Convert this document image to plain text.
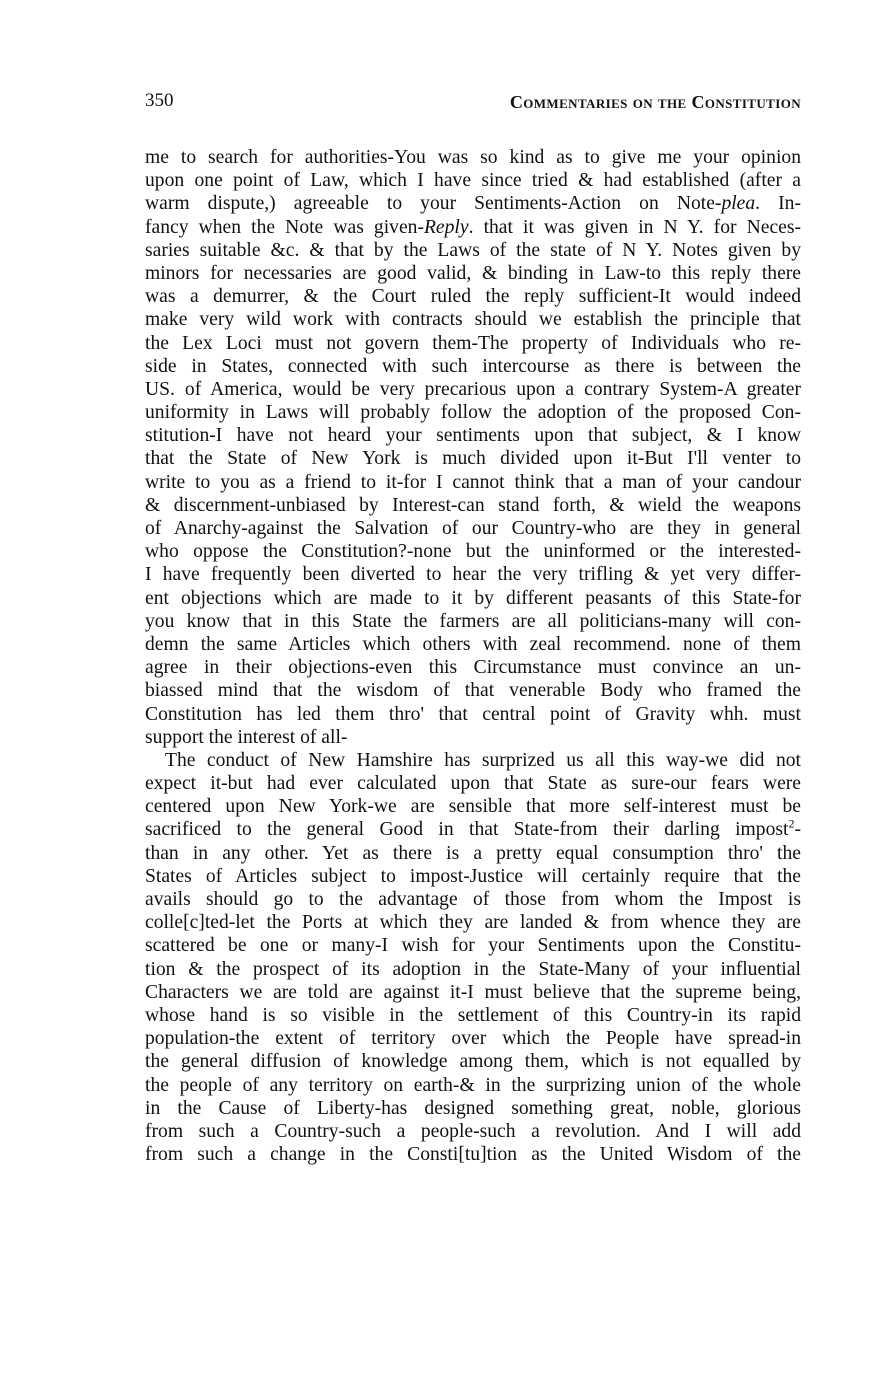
350	Commentaries on the Constitution
me to search for authorities-You was so kind as to give me your opinion
upon one point of Law, which I have since tried & had established (after a
warm dispute,) agreeable to your Sentiments-Action on Note-plea. In-
fancy when the Note was given-Reply. that it was given in N Y. for Neces-
saries suitable &c. & that by the Laws of the state of N Y. Notes given by
minors for necessaries are good valid, & binding in Law-to this reply there
was a demurrer, & the Court ruled the reply sufficient-It would indeed
make very wild work with contracts should we establish the principle that
the Lex Loci must not govern them-The property of Individuals who re-
side in States, connected with such intercourse as there is between the
US. of America, would be very precarious upon a contrary System-A greater
uniformity in Laws will probably follow the adoption of the proposed Con-
stitution-I have not heard your sentiments upon that subject, & I know
that the State of New York is much divided upon it-But I'll venter to
write to you as a friend to it-for I cannot think that a man of your candour
& discernment-unbiased by Interest-can stand forth, & wield the weapons
of Anarchy-against the Salvation of our Country-who are they in general
who oppose the Constitution?-none but the uninformed or the interested-
I have frequently been diverted to hear the very trifling & yet very differ-
ent objections which are made to it by different peasants of this State-for
you know that in this State the farmers are all politicians-many will con-
demn the same Articles which others with zeal recommend. none of them
agree in their objections-even this Circumstance must convince an un-
biassed mind that the wisdom of that venerable Body who framed the
Constitution has led them thro' that central point of Gravity whh. must
support the interest of all-
The conduct of New Hamshire has surprized us all this way-we did not
expect it-but had ever calculated upon that State as sure-our fears were
centered upon New York-we are sensible that more self-interest must be
sacrificed to the general Good in that State-from their darling impost$^2$-
than in any other. Yet as there is a pretty equal consumption thro' the
States of Articles subject to impost-Justice will certainly require that the
avails should go to the advantage of those from whom the Impost is
colle[c]ted-let the Ports at which they are landed & from whence they are
scattered be one or many-I wish for your Sentiments upon the Constitu-
tion & the prospect of its adoption in the State-Many of your influential
Characters we are told are against it-I must believe that the supreme being,
whose hand is so visible in the settlement of this Country-in its rapid
population-the extent of territory over which the People have spread-in
the general diffusion of knowledge among them, which is not equalled by
the people of any territory on earth-& in the surprizing union of the whole
in the Cause of Liberty-has designed something great, noble, glorious
from such a Country-such a people-such a revolution. And I will add
from such a change in the Consti[tu]tion as the United Wisdom of the
